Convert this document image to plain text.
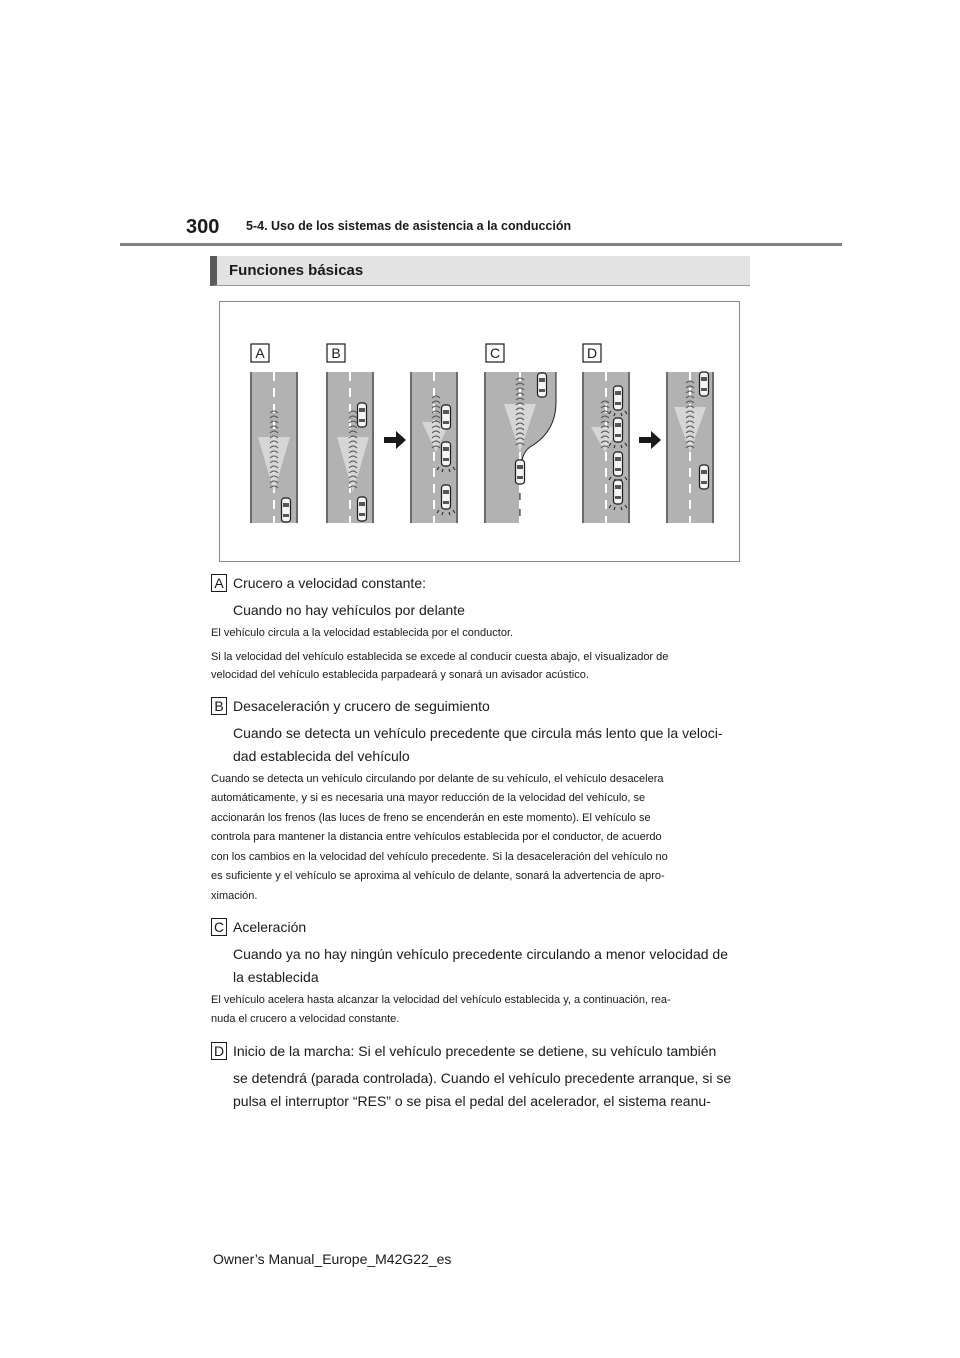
300 5-4. Uso de los sistemas de asistencia a la conducción
Funciones básicas
A	B	C	D
A Crucero a velocidad constante:
Cuando no hay vehículos por delante
El vehículo circula a la velocidad establecida por el conductor.
Si la velocidad del vehículo establecida se excede al conducir cuesta abajo, el visualizador de
velocidad del vehículo establecida parpadeará y sonará un avisador acústico.
B Desaceleración y crucero de seguimiento
Cuando se detecta un vehículo precedente que circula más lento que la veloci-
dad establecida del vehículo
Cuando se detecta un vehículo circulando por delante de su vehículo, el vehículo desacelera
automáticamente, y si es necesaria una mayor reducción de la velocidad del vehículo, se
accionarán los frenos (las luces de freno se encenderán en este momento). El vehículo se
controla para mantener la distancia entre vehículos establecida por el conductor, de acuerdo
con los cambios en la velocidad del vehículo precedente. Si la desaceleración del vehículo no
es suficiente y el vehículo se aproxima al vehículo de delante, sonará la advertencia de apro-
ximación.
C Aceleración
Cuando ya no hay ningún vehículo precedente circulando a menor velocidad de
la establecida
El vehículo acelera hasta alcanzar la velocidad del vehículo establecida y, a continuación, rea-
nuda el crucero a velocidad constante.
D Inicio de la marcha: Si el vehículo precedente se detiene, su vehículo también
se detendrá (parada controlada). Cuando el vehículo precedente arranque, si se
pulsa el interruptor “RES” o se pisa el pedal del acelerador, el sistema reanu-
Owner’s Manual_Europe_M42G22_es
